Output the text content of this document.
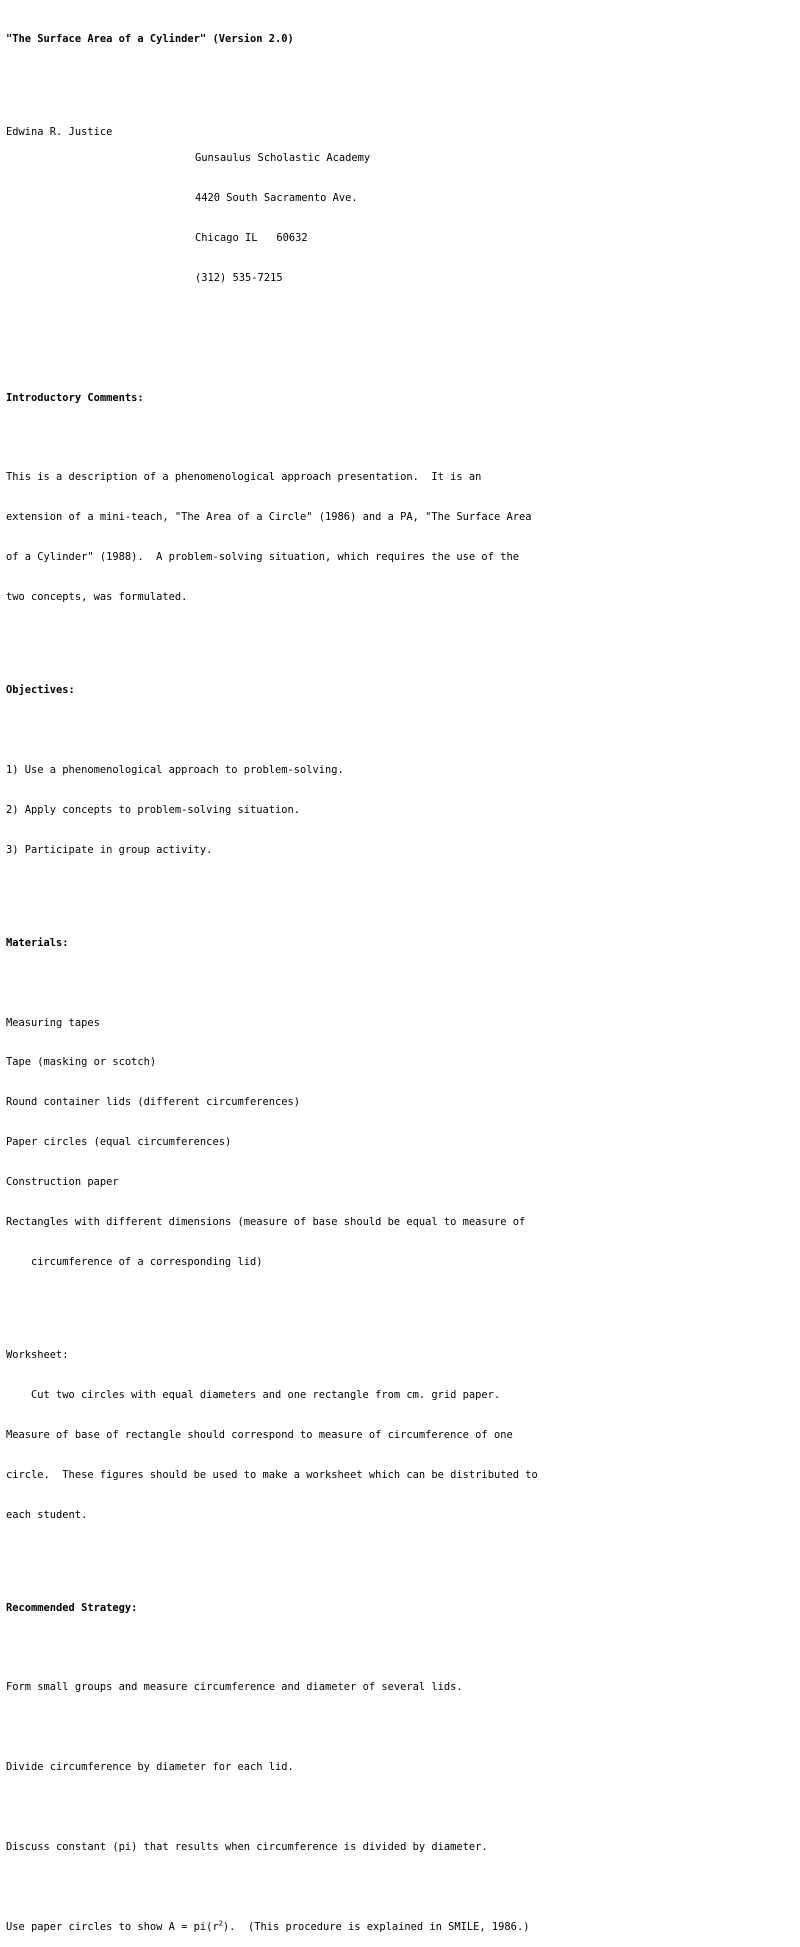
"The Surface Area of a Cylinder" (Version 2.0)

Edwina R. Justice

Gunsaulus Scholastic Academy

4420 South Sacramento Ave.

Chicago IL   60632

(312) 535-7215

Introductory Comments:

This is a description of a phenomenological approach presentation.  It is an

extension of a mini-teach, "The Area of a Circle" (1986) and a PA, "The Surface Area

of a Cylinder" (1988).  A problem-solving situation, which requires the use of the

two concepts, was formulated.

Objectives:

1) Use a phenomenological approach to problem-solving.

2) Apply concepts to problem-solving situation.

3) Participate in group activity.

Materials:

Measuring tapes

Tape (masking or scotch)

Round container lids (different circumferences)

Paper circles (equal circumferences)

Construction paper

Rectangles with different dimensions (measure of base should be equal to measure of

circumference of a corresponding lid)

Worksheet:

Cut two circles with equal diameters and one rectangle from cm. grid paper.

Measure of base of rectangle should correspond to measure of circumference of one

circle.  These figures should be used to make a worksheet which can be distributed to

each student.

Recommended Strategy:

Form small groups and measure circumference and diameter of several lids.

Divide circumference by diameter for each lid.

Discuss constant (pi) that results when circumference is divided by diameter.

Use paper circles to show $A = pi(r^2)$.  (This procedure is explained in SMILE, 1986.)
